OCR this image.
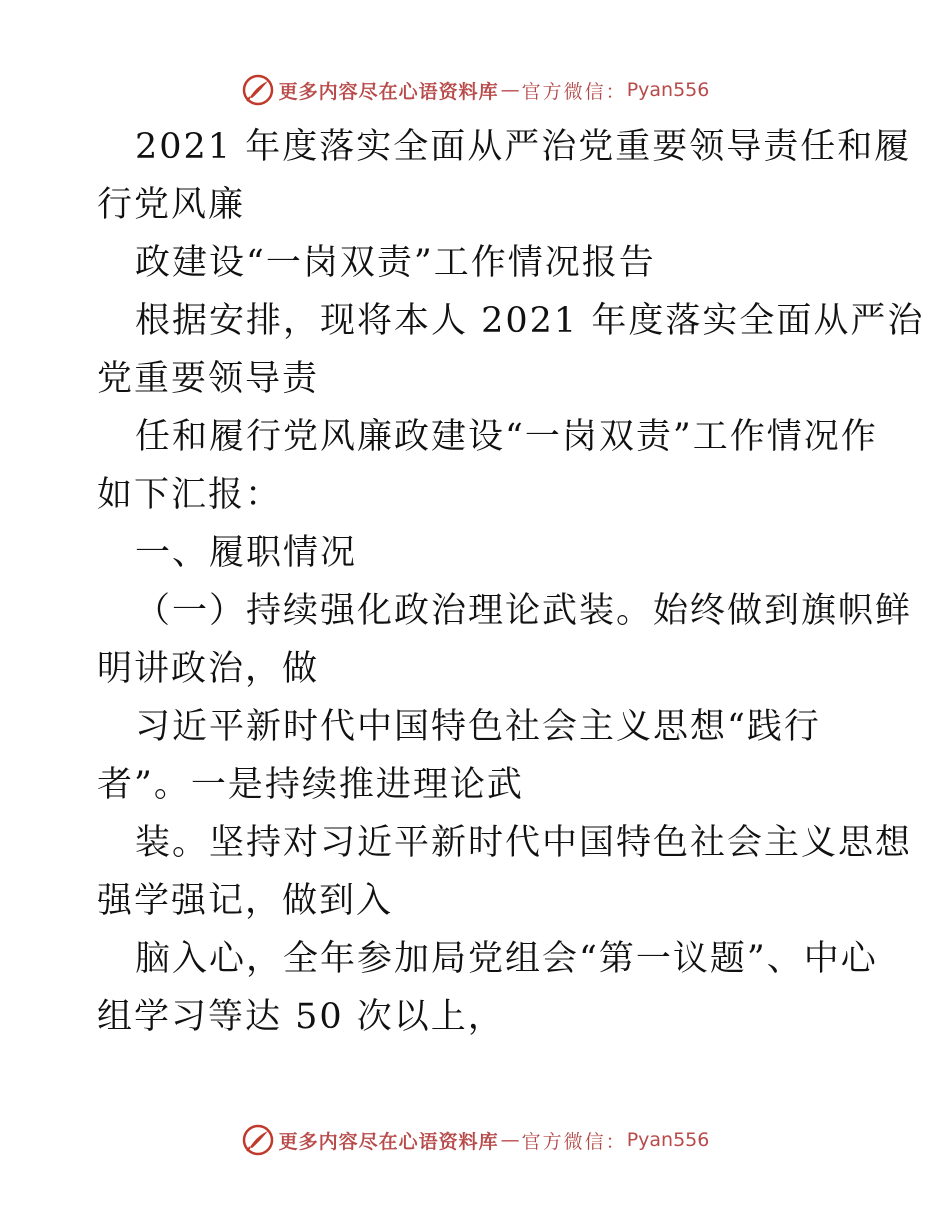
更多内容尽在心语资料库 — 官方微信： Pyan556
2021 年度落实全面从严治党重要领导责任和履
行党风廉
政建设“一岗双责”工作情况报告
根据安排，现将本人 2021 年度落实全面从严治
党重要领导责
任和履行党风廉政建设“一岗双责”工作情况作
如下汇报：
一、履职情况
（一）持续强化政治理论武装。始终做到旗帜鲜
明讲政治，做
习近平新时代中国特色社会主义思想“践行
者”。一是持续推进理论武
装。坚持对习近平新时代中国特色社会主义思想
强学强记，做到入
脑入心，全年参加局党组会“第一议题”、中心
组学习等达 50 次以上，
更多内容尽在心语资料库 — 官方微信： Pyan556
